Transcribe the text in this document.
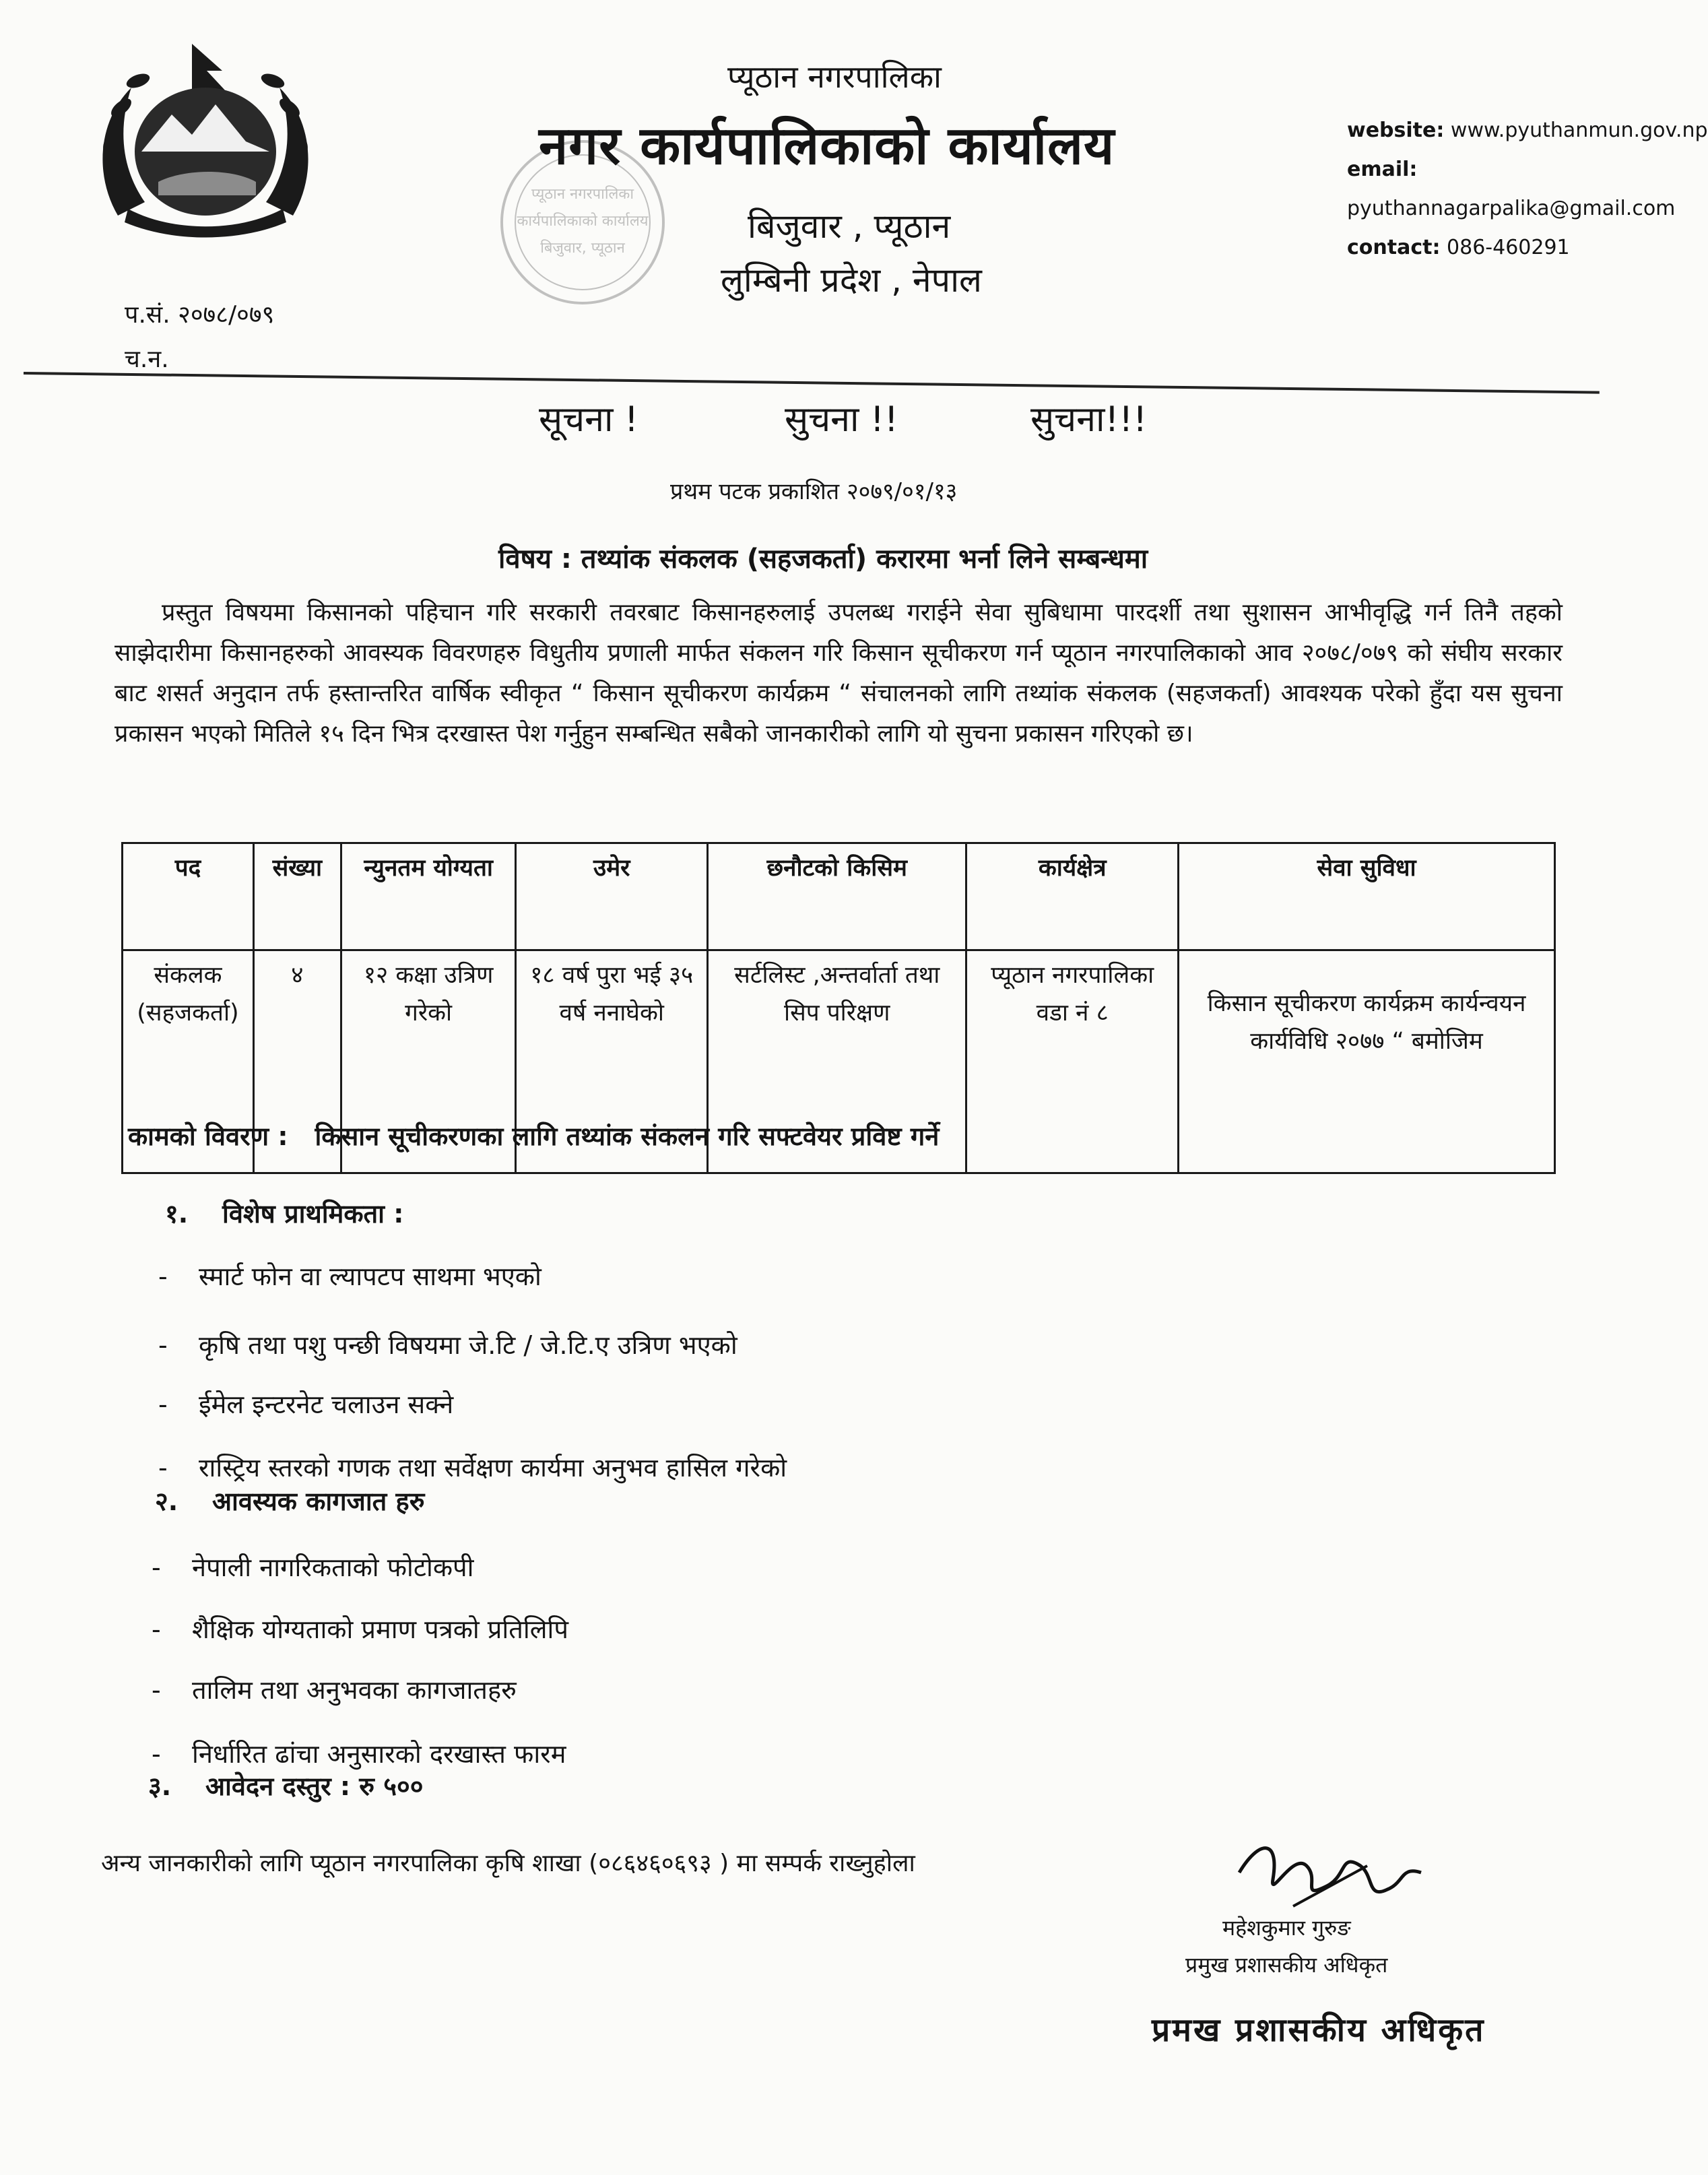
प्यूठान नगरपालिका
कार्यपालिकाको कार्यालय
बिजुवार, प्यूठान
प्यूठान नगरपालिका
नगर कार्यपालिकाको कार्यालय
बिजुवार , प्यूठान
लुम्बिनी प्रदेश , नेपाल
website: www.pyuthanmun.gov.np
email:
pyuthannagarpalika@gmail.com
contact: 086-460291
प.सं. २०७८/०७९
च.न.
सूचना !	सुचना !!	सुचना!!!
प्रथम पटक प्रकाशित २०७९/०१/१३
विषय : तथ्यांक संकलक (सहजकर्ता) करारमा भर्ना लिने सम्बन्धमा
प्रस्तुत विषयमा किसानको पहिचान गरि सरकारी तवरबाट किसानहरुलाई उपलब्ध गराईने सेवा सुबिधामा पारदर्शी तथा सुशासन आभीवृद्धि गर्न तिनै तहको साझेदारीमा किसानहरुको आवस्यक विवरणहरु विधुतीय प्रणाली मार्फत संकलन गरि किसान सूचीकरण गर्न प्यूठान नगरपालिकाको आव २०७८/०७९ को संघीय सरकार बाट शसर्त अनुदान तर्फ हस्तान्तरित वार्षिक स्वीकृत “ किसान सूचीकरण कार्यक्रम “ संचालनको लागि तथ्यांक संकलक (सहजकर्ता) आवश्यक परेको हुँदा यस सुचना प्रकासन भएको मितिले १५ दिन भित्र दरखास्त पेश गर्नुहुन सम्बन्धित सबैको जानकारीको लागि यो सुचना प्रकासन गरिएको छ।
पद	संख्या	न्युनतम योग्यता	उमेर	छनौटको किसिम	कार्यक्षेत्र	सेवा सुविधा
संकलक (सहजकर्ता)	४	१२ कक्षा उत्रिण गरेको	१८ वर्ष पुरा भई ३५ वर्ष ननाघेको	सर्टलिस्ट ,अन्तर्वार्ता तथा सिप परिक्षण	प्यूठान नगरपालिका वडा नं ८	किसान सूचीकरण कार्यक्रम कार्यन्वयन कार्यविधि २०७७ “ बमोजिम
कामको विवरण : किसान सूचीकरणका लागि तथ्यांक संकलन गरि सफ्टवेयर प्रविष्ट गर्ने
१. विशेष प्राथमिकता :
- स्मार्ट फोन वा ल्यापटप साथमा भएको
- कृषि तथा पशु पन्छी विषयमा जे.टि / जे.टि.ए उत्रिण भएको
- ईमेल इन्टरनेट चलाउन सक्ने
- रास्ट्रिय स्तरको गणक तथा सर्वेक्षण कार्यमा अनुभव हासिल गरेको
२. आवस्यक कागजात हरु
- नेपाली नागरिकताको फोटोकपी
- शैक्षिक योग्यताको प्रमाण पत्रको प्रतिलिपि
- तालिम तथा अनुभवका कागजातहरु
- निर्धारित ढांचा अनुसारको दरखास्त फारम
३. आवेदन दस्तुर : रु ५००
अन्य जानकारीको लागि प्यूठान नगरपालिका कृषि शाखा (०८६४६०६९३ ) मा सम्पर्क राख्नुहोला
महेशकुमार गुरुङ
प्रमुख प्रशासकीय अधिकृत
प्रमख प्रशासकीय अधिकृत
